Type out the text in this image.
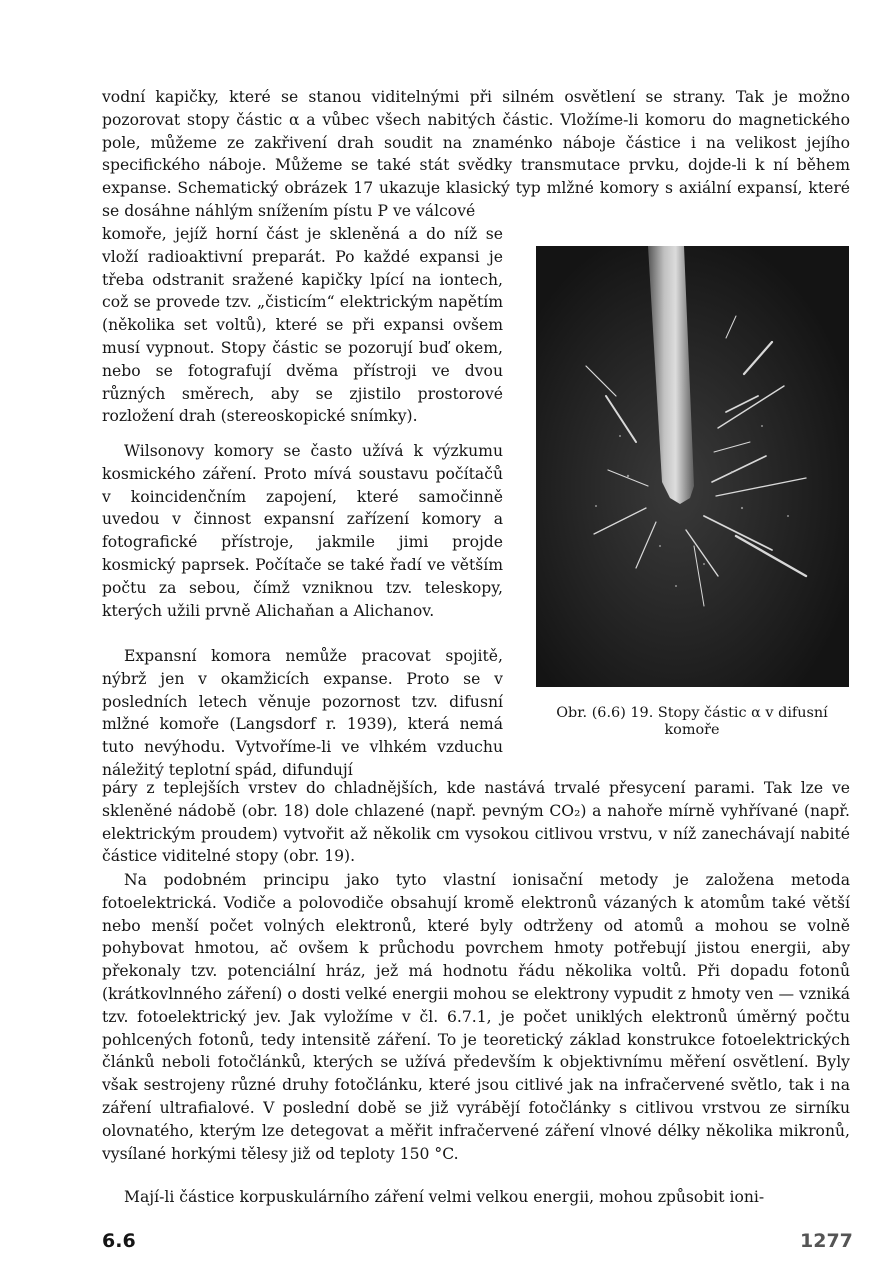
vodní kapičky, které se stanou viditelnými při silném osvětlení se strany. Tak je možno pozorovat stopy částic α a vůbec všech nabitých částic. Vložíme-li komoru do magnetického pole, můžeme ze zakřivení drah soudit na znaménko náboje částice i na velikost jejího specifického náboje. Můžeme se také stát svědky transmutace prvku, dojde-li k ní během expanse. Schematický obrázek 17 ukazuje klasický typ mlžné komory s axiální expansí, které se dosáhne náhlým snížením pístu P ve válcové

komoře, jejíž horní část je skleněná a do níž se vloží radioaktivní preparát. Po každé expansi je třeba odstranit sražené kapičky lpící na iontech, což se provede tzv. „čisticím“ elektrickým napětím (několika set voltů), které se při expansi ovšem musí vypnout. Stopy částic se pozorují buď okem, nebo se fotografují dvěma přístroji ve dvou různých směrech, aby se zjistilo prostorové rozložení drah (stereoskopické snímky).

Wilsonovy komory se často užívá k výzkumu kosmického záření. Proto mívá soustavu počítačů v koincidenčním zapojení, které samočinně uvedou v činnost expansní zařízení komory a fotografické přístroje, jakmile jimi projde kosmický paprsek. Počítače se také řadí ve větším počtu za sebou, čímž vzniknou tzv. teleskopy, kterých užili prvně Alichaňan a Alichanov.

Expansní komora nemůže pracovat spojitě, nýbrž jen v okamžicích expanse. Proto se v posledních letech věnuje pozornost tzv. difusní mlžné komoře (Langsdorf r. 1939), která nemá tuto nevýhodu. Vytvoříme-li ve vlhkém vzduchu náležitý teplotní spád, difundují

páry z teplejších vrstev do chladnějších, kde nastává trvalé přesycení parami. Tak lze ve skleněné nádobě (obr. 18) dole chlazené (např. pevným CO₂) a nahoře mírně vyhřívané (např. elektrickým proudem) vytvořit až několik cm vysokou citlivou vrstvu, v níž zanechávají nabité částice viditelné stopy (obr. 19).

Na podobném principu jako tyto vlastní ionisační metody je založena metoda fotoelektrická. Vodiče a polovodiče obsahují kromě elektronů vázaných k atomům také větší nebo menší počet volných elektronů, které byly odtrženy od atomů a mohou se volně pohybovat hmotou, ač ovšem k průchodu povrchem hmoty potřebují jistou energii, aby překonaly tzv. potenciální hráz, jež má hodnotu řádu několika voltů. Při dopadu fotonů (krátkovlnného záření) o dosti velké energii mohou se elektrony vypudit z hmoty ven — vzniká tzv. fotoelektrický jev. Jak vyložíme v čl. 6.7.1, je počet uniklých elektronů úměrný počtu pohlcených fotonů, tedy intensitě záření. To je teoretický základ konstrukce fotoelektrických článků neboli fotočlánků, kterých se užívá především k objektivnímu měření osvětlení. Byly však sestrojeny různé druhy fotočlánku, které jsou citlivé jak na infračervené světlo, tak i na záření ultrafialové. V poslední době se již vyrábějí fotočlánky s citlivou vrstvou ze sirníku olovnatého, kterým lze detegovat a měřit infračervené záření vlnové délky několika mikronů, vysílané horkými tělesy již od teploty 150 °C.

Mají-li částice korpuskulárního záření velmi velkou energii, mohou způsobit ioni-

Obr. (6.6) 19. Stopy částic α v difusní
komoře
6.6	1277
